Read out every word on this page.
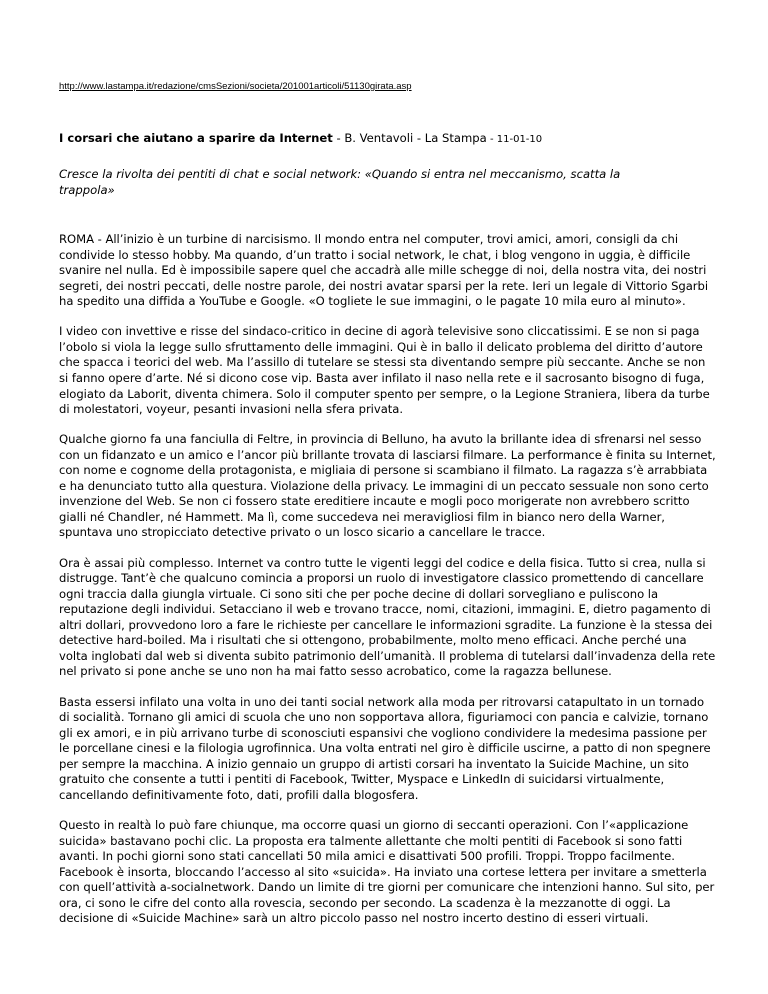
http://www.lastampa.it/redazione/cmsSezioni/societa/201001articoli/51130girata.asp
I corsari che aiutano a sparire da Internet - B. Ventavoli - La Stampa - 11-01-10

Cresce la rivolta dei pentiti di chat e social network: «Quando si entra nel meccanismo, scatta la trappola»

ROMA - All’inizio è un turbine di narcisismo. Il mondo entra nel computer, trovi amici, amori, consigli da chi condivide lo stesso hobby. Ma quando, d’un tratto i social network, le chat, i blog vengono in uggia, è difficile svanire nel nulla. Ed è impossibile sapere quel che accadrà alle mille schegge di noi, della nostra vita, dei nostri segreti, dei nostri peccati, delle nostre parole, dei nostri avatar sparsi per la rete. Ieri un legale di Vittorio Sgarbi ha spedito una diffida a YouTube e Google. «O togliete le sue immagini, o le pagate 10 mila euro al minuto».

I video con invettive e risse del sindaco-critico in decine di agorà televisive sono cliccatissimi. E se non si paga l’obolo si viola la legge sullo sfruttamento delle immagini. Qui è in ballo il delicato problema del diritto d’autore che spacca i teorici del web. Ma l’assillo di tutelare se stessi sta diventando sempre più seccante. Anche se non si fanno opere d’arte. Né si dicono cose vip. Basta aver infilato il naso nella rete e il sacrosanto bisogno di fuga, elogiato da Laborit, diventa chimera. Solo il computer spento per sempre, o la Legione Straniera, libera da turbe di molestatori, voyeur, pesanti invasioni nella sfera privata.

Qualche giorno fa una fanciulla di Feltre, in provincia di Belluno, ha avuto la brillante idea di sfrenarsi nel sesso con un fidanzato e un amico e l’ancor più brillante trovata di lasciarsi filmare. La performance è finita su Internet, con nome e cognome della protagonista, e migliaia di persone si scambiano il filmato. La ragazza s’è arrabbiata e ha denunciato tutto alla questura. Violazione della privacy. Le immagini di un peccato sessuale non sono certo invenzione del Web. Se non ci fossero state ereditiere incaute e mogli poco morigerate non avrebbero scritto gialli né Chandler, né Hammett. Ma lì, come succedeva nei meravigliosi film in bianco nero della Warner, spuntava uno stropicciato detective privato o un losco sicario a cancellare le tracce.

Ora è assai più complesso. Internet va contro tutte le vigenti leggi del codice e della fisica. Tutto si crea, nulla si distrugge. Tant’è che qualcuno comincia a proporsi un ruolo di investigatore classico promettendo di cancellare ogni traccia dalla giungla virtuale. Ci sono siti che per poche decine di dollari sorvegliano e puliscono la reputazione degli individui. Setacciano il web e trovano tracce, nomi, citazioni, immagini. E, dietro pagamento di altri dollari, provvedono loro a fare le richieste per cancellare le informazioni sgradite. La funzione è la stessa dei detective hard-boiled. Ma i risultati che si ottengono, probabilmente, molto meno efficaci. Anche perché una volta inglobati dal web si diventa subito patrimonio dell’umanità. Il problema di tutelarsi dall’invadenza della rete nel privato si pone anche se uno non ha mai fatto sesso acrobatico, come la ragazza bellunese.

Basta essersi infilato una volta in uno dei tanti social network alla moda per ritrovarsi catapultato in un tornado di socialità. Tornano gli amici di scuola che uno non sopportava allora, figuriamoci con pancia e calvizie, tornano gli ex amori, e in più arrivano turbe di sconosciuti espansivi che vogliono condividere la medesima passione per le porcellane cinesi e la filologia ugrofinnica. Una volta entrati nel giro è difficile uscirne, a patto di non spegnere per sempre la macchina. A inizio gennaio un gruppo di artisti corsari ha inventato la Suicide Machine, un sito gratuito che consente a tutti i pentiti di Facebook, Twitter, Myspace e LinkedIn di suicidarsi virtualmente, cancellando definitivamente foto, dati, profili dalla blogosfera.

Questo in realtà lo può fare chiunque, ma occorre quasi un giorno di seccanti operazioni. Con l’«applicazione suicida» bastavano pochi clic. La proposta era talmente allettante che molti pentiti di Facebook si sono fatti avanti. In pochi giorni sono stati cancellati 50 mila amici e disattivati 500 profili. Troppi. Troppo facilmente. Facebook è insorta, bloccando l’accesso al sito «suicida». Ha inviato una cortese lettera per invitare a smetterla con quell’attività a-socialnetwork. Dando un limite di tre giorni per comunicare che intenzioni hanno. Sul sito, per ora, ci sono le cifre del conto alla rovescia, secondo per secondo. La scadenza è la mezzanotte di oggi. La decisione di «Suicide Machine» sarà un altro piccolo passo nel nostro incerto destino di esseri virtuali.
